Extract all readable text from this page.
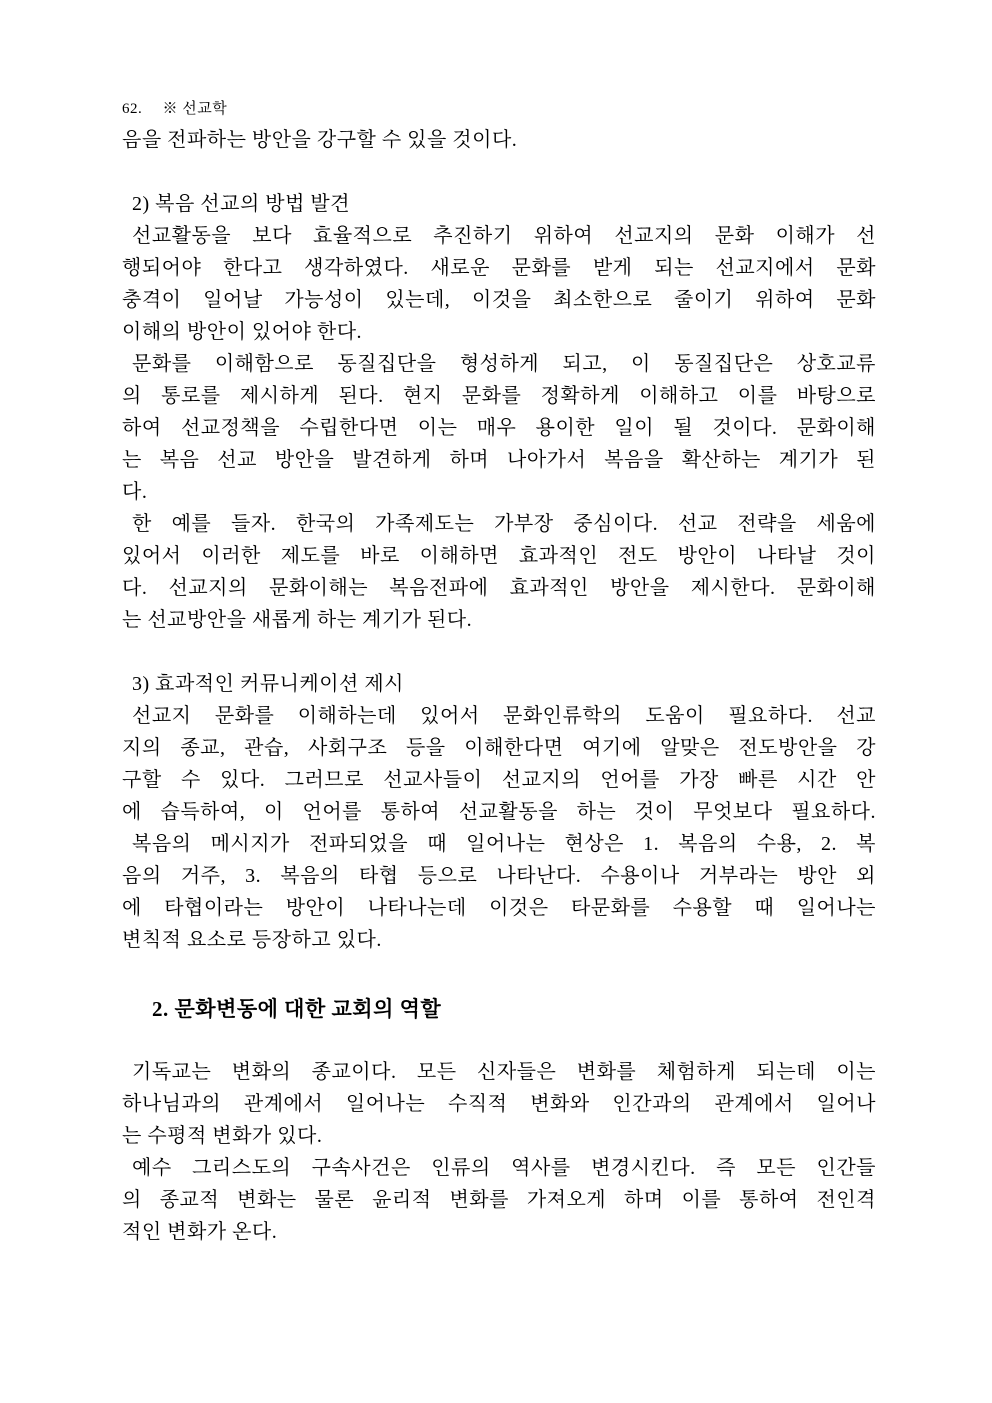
62. ※ 선교학
음을 전파하는 방안을 강구할 수 있을 것이다.
2) 복음 선교의 방법 발견
선교활동을 보다 효율적으로 추진하기 위하여 선교지의 문화 이해가 선
행되어야 한다고 생각하였다. 새로운 문화를 받게 되는 선교지에서 문화
충격이 일어날 가능성이 있는데, 이것을 최소한으로 줄이기 위하여 문화
이해의 방안이 있어야 한다.
문화를 이해함으로 동질집단을 형성하게 되고, 이 동질집단은 상호교류
의 통로를 제시하게 된다. 현지 문화를 정확하게 이해하고 이를 바탕으로
하여 선교정책을 수립한다면 이는 매우 용이한 일이 될 것이다. 문화이해
는 복음 선교 방안을 발견하게 하며 나아가서 복음을 확산하는 계기가 된
다.
한 예를 들자. 한국의 가족제도는 가부장 중심이다. 선교 전략을 세움에
있어서 이러한 제도를 바로 이해하면 효과적인 전도 방안이 나타날 것이
다. 선교지의 문화이해는 복음전파에 효과적인 방안을 제시한다. 문화이해
는 선교방안을 새롭게 하는 계기가 된다.
3) 효과적인 커뮤니케이션 제시
선교지 문화를 이해하는데 있어서 문화인류학의 도움이 필요하다. 선교
지의 종교, 관습, 사회구조 등을 이해한다면 여기에 알맞은 전도방안을 강
구할 수 있다. 그러므로 선교사들이 선교지의 언어를 가장 빠른 시간 안
에 습득하여, 이 언어를 통하여 선교활동을 하는 것이 무엇보다 필요하다.
복음의 메시지가 전파되었을 때 일어나는 현상은 1. 복음의 수용, 2. 복
음의 거주, 3. 복음의 타협 등으로 나타난다. 수용이나 거부라는 방안 외
에 타협이라는 방안이 나타나는데 이것은 타문화를 수용할 때 일어나는
변칙적 요소로 등장하고 있다.
2. 문화변동에 대한 교회의 역할
기독교는 변화의 종교이다. 모든 신자들은 변화를 체험하게 되는데 이는
하나님과의 관계에서 일어나는 수직적 변화와 인간과의 관계에서 일어나
는 수평적 변화가 있다.
예수 그리스도의 구속사건은 인류의 역사를 변경시킨다. 즉 모든 인간들
의 종교적 변화는 물론 윤리적 변화를 가져오게 하며 이를 통하여 전인격
적인 변화가 온다.
